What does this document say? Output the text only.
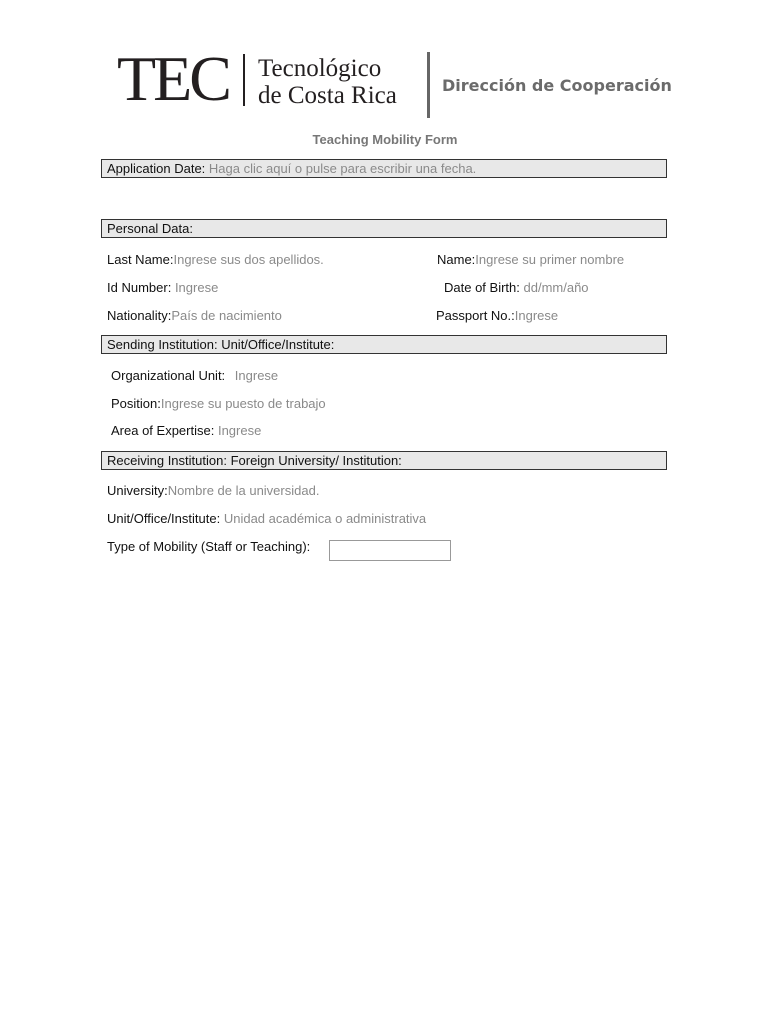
TEC Tecnológico
de Costa Rica	Dirección de Cooperación
Teaching Mobility Form
Application Date: Haga clic aquí o pulse para escribir una fecha.
Personal Data:
Last Name:Ingrese sus dos apellidos.	Name:Ingrese su primer nombre
Id Number: Ingrese	Date of Birth: dd/mm/año
Nationality:País de nacimiento	Passport No.:Ingrese
Sending Institution: Unit/Office/Institute:
Organizational Unit: Ingrese
Position:Ingrese su puesto de trabajo
Area of Expertise: Ingrese
Receiving Institution: Foreign University/ Institution:
University:Nombre de la universidad.
Unit/Office/Institute: Unidad académica o administrativa
Type of Mobility (Staff or Teaching):
